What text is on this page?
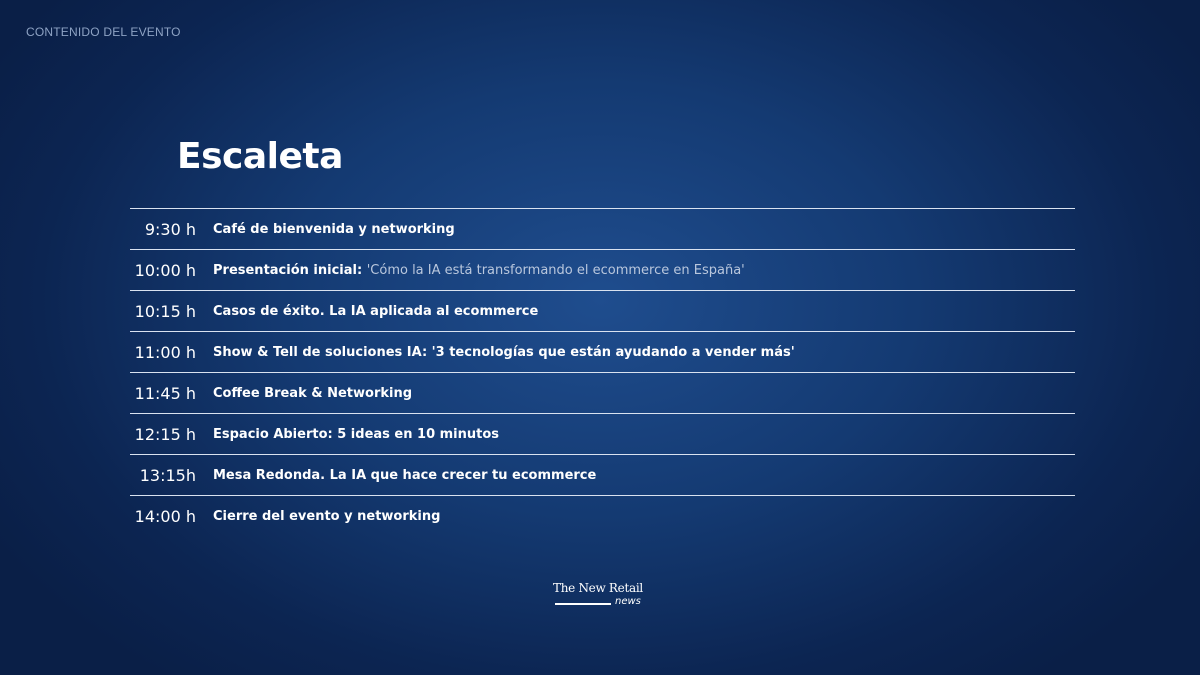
CONTENIDO DEL EVENTO
Escaleta
9:30 h Café de bienvenida y networking
10:00 h Presentación inicial: 'Cómo la IA está transformando el ecommerce en España'
10:15 h Casos de éxito. La IA aplicada al ecommerce
11:00 h Show & Tell de soluciones IA: '3 tecnologías que están ayudando a vender más'
11:45 h Coffee Break & Networking
12:15 h Espacio Abierto: 5 ideas en 10 minutos
13:15h Mesa Redonda. La IA que hace crecer tu ecommerce
14:00 h Cierre del evento y networking
The New Retail
news
